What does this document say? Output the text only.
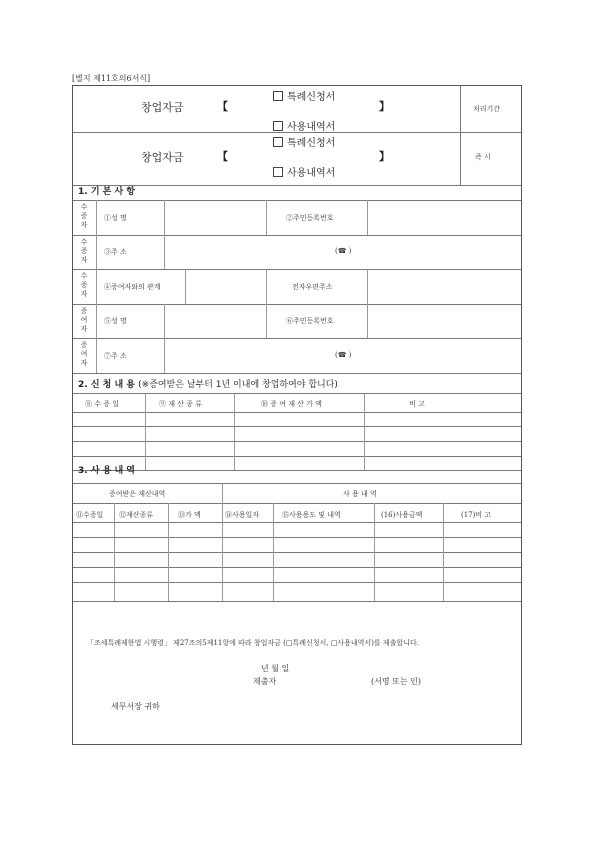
[별지 제11호의6서식]
창업자금	【
특례신청서
사용내역서
】	처리기간
창업자금	【
특례신청서
사용내역서
】	즉 시
1. 기 본 사 항
수증자
수증자
수증자
증여자
증여자
①성 명	②주민등록번호
③주 소	(☎ )
④증여자와의 관계	전자우편주소
⑤성 명	⑥주민등록번호
⑦주 소	(☎ )
2. 신 청 내 용 (※증여받은 날부터 1년 이내에 창업하여야 합니다)
⑧ 수 증 일	⑨ 재 산 종 류	⑩ 증 여 재 산 가 액	비 고
3. 사 용 내 역
증여받은 재산내역	사 용 내 역
⑪수증일 ⑫재산종류	⑬가 액	⑭사용일자	⑮사용용도 및 내역	(16)사용금액	(17)비 고
「조세특례제한법 시행령」 제27조의5제11항에 따라 창업자금 (□특례신청서, □사용내역서)를 제출합니다.
년 월 일
제출자	(서명 또는 인)
세무서장 귀하
